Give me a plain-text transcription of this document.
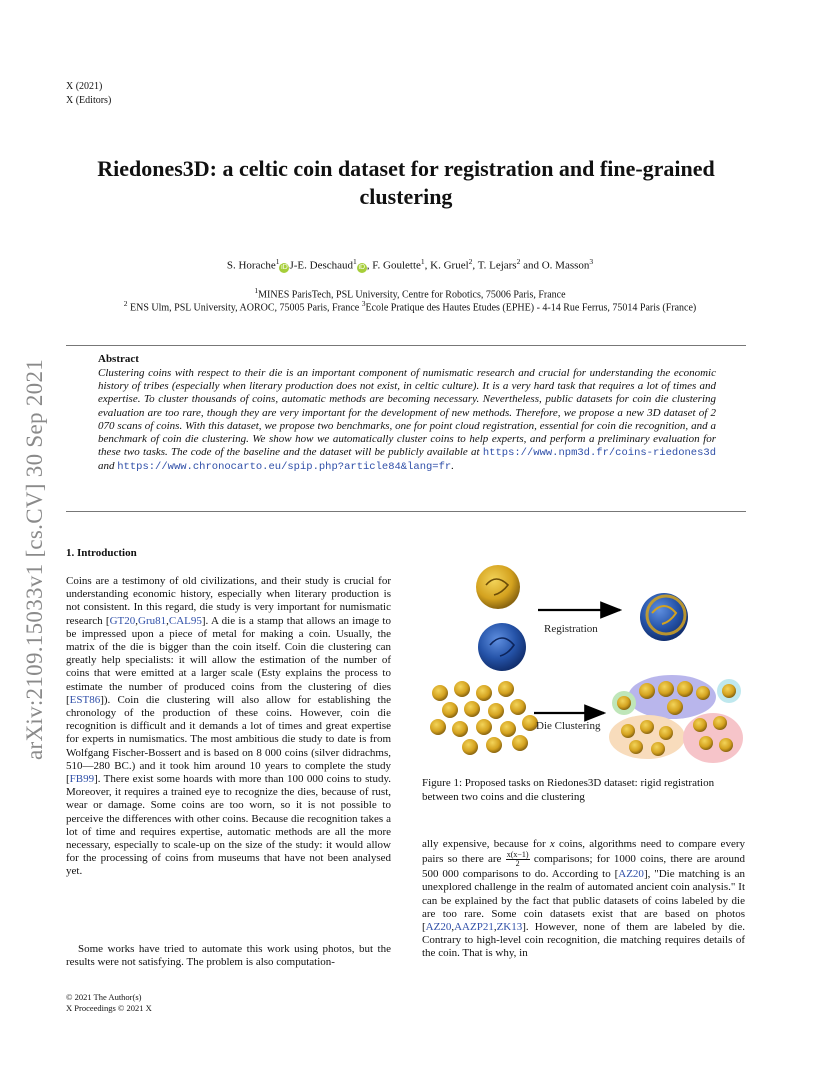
X (2021)
X (Editors)
arXiv:2109.15033v1 [cs.CV] 30 Sep 2021
Riedones3D: a celtic coin dataset for registration and fine-grained
clustering
S. Horache$^1$iD J-E. Deschaud$^1$iD , F. Goulette$^1$, K. Gruel$^2$, T. Lejars$^2$ and O. Masson$^3$
$^1$MINES ParisTech, PSL University, Centre for Robotics, 75006 Paris, France
$^2$ ENS Ulm, PSL University, AOROC, 75005 Paris, France $^3$Ecole Pratique des Hautes Etudes (EPHE) - 4-14 Rue Ferrus, 75014 Paris (France)
Abstract
Clustering coins with respect to their die is an important component of numismatic research and crucial for understanding the economic history of tribes (especially when literary production does not exist, in celtic culture). It is a very hard task that requires a lot of times and expertise. To cluster thousands of coins, automatic methods are becoming necessary. Nevertheless, public datasets for coin die clustering evaluation are too rare, though they are very important for the development of new methods. Therefore, we propose a new 3D dataset of 2 070 scans of coins. With this dataset, we propose two benchmarks, one for point cloud registration, essential for coin die recognition, and a benchmark of coin die clustering. We show how we automatically cluster coins to help experts, and perform a preliminary evaluation for these two tasks. The code of the baseline and the dataset will be publicly available at https://www.npm3d.fr/coins-riedones3d and https://www.chronocarto.eu/spip.php?article84&lang=fr.
1. Introduction
Coins are a testimony of old civilizations, and their study is crucial for understanding economic history, especially when literary production is not consistent. In this regard, die study is very important for numismatic research [GT20,Gru81,CAL95]. A die is a stamp that allows an image to be impressed upon a piece of metal for making a coin. Usually, the matrix of the die is bigger than the coin itself. Coin die clustering can greatly help specialists: it will allow the estimation of the number of coins that were emitted at a larger scale (Esty explains the process to estimate the number of produced coins from the clustering of dies [EST86]). Coin die clustering will also allow for establishing the chronology of the production of these coins. However, coin die recognition is difficult and it demands a lot of times and great expertise for experts in numismatics. The most ambitious die study to date is from Wolfgang Fischer-Bossert and is based on 8 000 coins (silver didrachms, 510—280 BC.) and it took him around 10 years to complete the study [FB99]. There exist some hoards with more than 100 000 coins to study. Moreover, it requires a trained eye to recognize the dies, because of rust, wear or damage. Some coins are too worn, so it is not possible to perceive the differences with other coins. Because die recognition takes a lot of time and requires expertise, automatic methods are all the more necessary, especially to scale-up on the size of the study: it would allow for the processing of coins from museums that have not been analysed yet.
Some works have tried to automate this work using photos, but the results were not satisfying. The problem is also computation-
Registration
Die Clustering
Figure 1: Proposed tasks on Riedones3D dataset: rigid registration between two coins and die clustering
ally expensive, because for x coins, algorithms need to compare every pairs so there are $\frac{x(x-1)}{2}$ comparisons; for 1000 coins, there are around 500 000 comparisons to do. According to [AZ20], "Die matching is an unexplored challenge in the realm of automated ancient coin analysis." It can be explained by the fact that public datasets of coins labeled by die are too rare. Some coin datasets exist that are based on photos [AZ20,AAZP21,ZK13]. However, none of them are labeled by die. Contrary to high-level coin recognition, die matching requires details of the coin. That is why, in
© 2021 The Author(s)
X Proceedings © 2021 X
